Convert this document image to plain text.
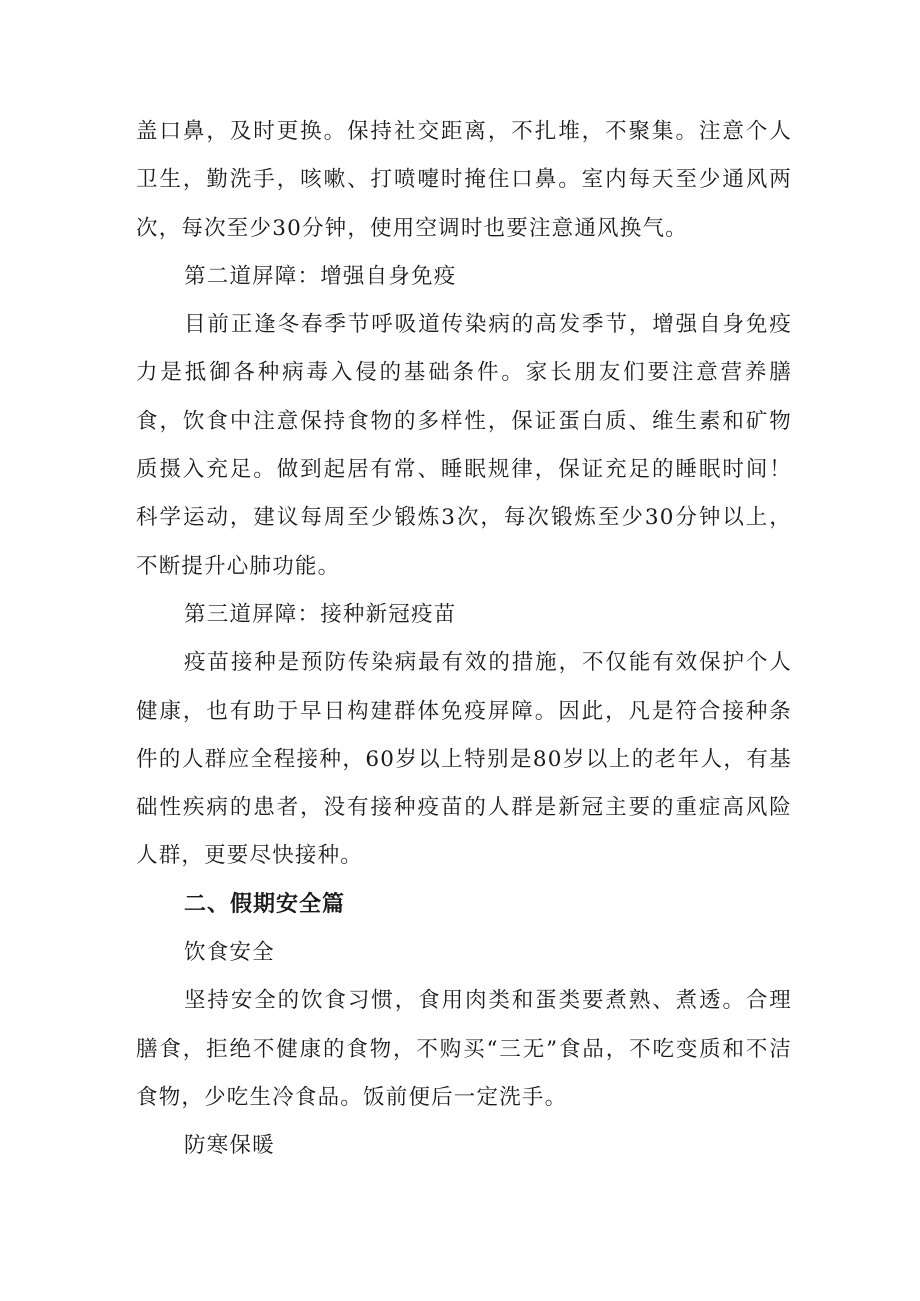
盖口鼻，及时更换。保持社交距离，不扎堆，不聚集。注意个人卫生，勤洗手，咳嗽、打喷嚏时掩住口鼻。室内每天至少通风两次，每次至少30分钟，使用空调时也要注意通风换气。

第二道屏障：增强自身免疫

目前正逢冬春季节呼吸道传染病的高发季节，增强自身免疫力是抵御各种病毒入侵的基础条件。家长朋友们要注意营养膳食，饮食中注意保持食物的多样性，保证蛋白质、维生素和矿物质摄入充足。做到起居有常、睡眠规律，保证充足的睡眠时间！科学运动，建议每周至少锻炼3次，每次锻炼至少30分钟以上，不断提升心肺功能。

第三道屏障：接种新冠疫苗

疫苗接种是预防传染病最有效的措施，不仅能有效保护个人健康，也有助于早日构建群体免疫屏障。因此，凡是符合接种条件的人群应全程接种，60岁以上特别是80岁以上的老年人，有基础性疾病的患者，没有接种疫苗的人群是新冠主要的重症高风险人群，更要尽快接种。

二、假期安全篇

饮食安全

坚持安全的饮食习惯，食用肉类和蛋类要煮熟、煮透。合理膳食，拒绝不健康的食物，不购买“三无”食品，不吃变质和不洁食物，少吃生冷食品。饭前便后一定洗手。

防寒保暖
